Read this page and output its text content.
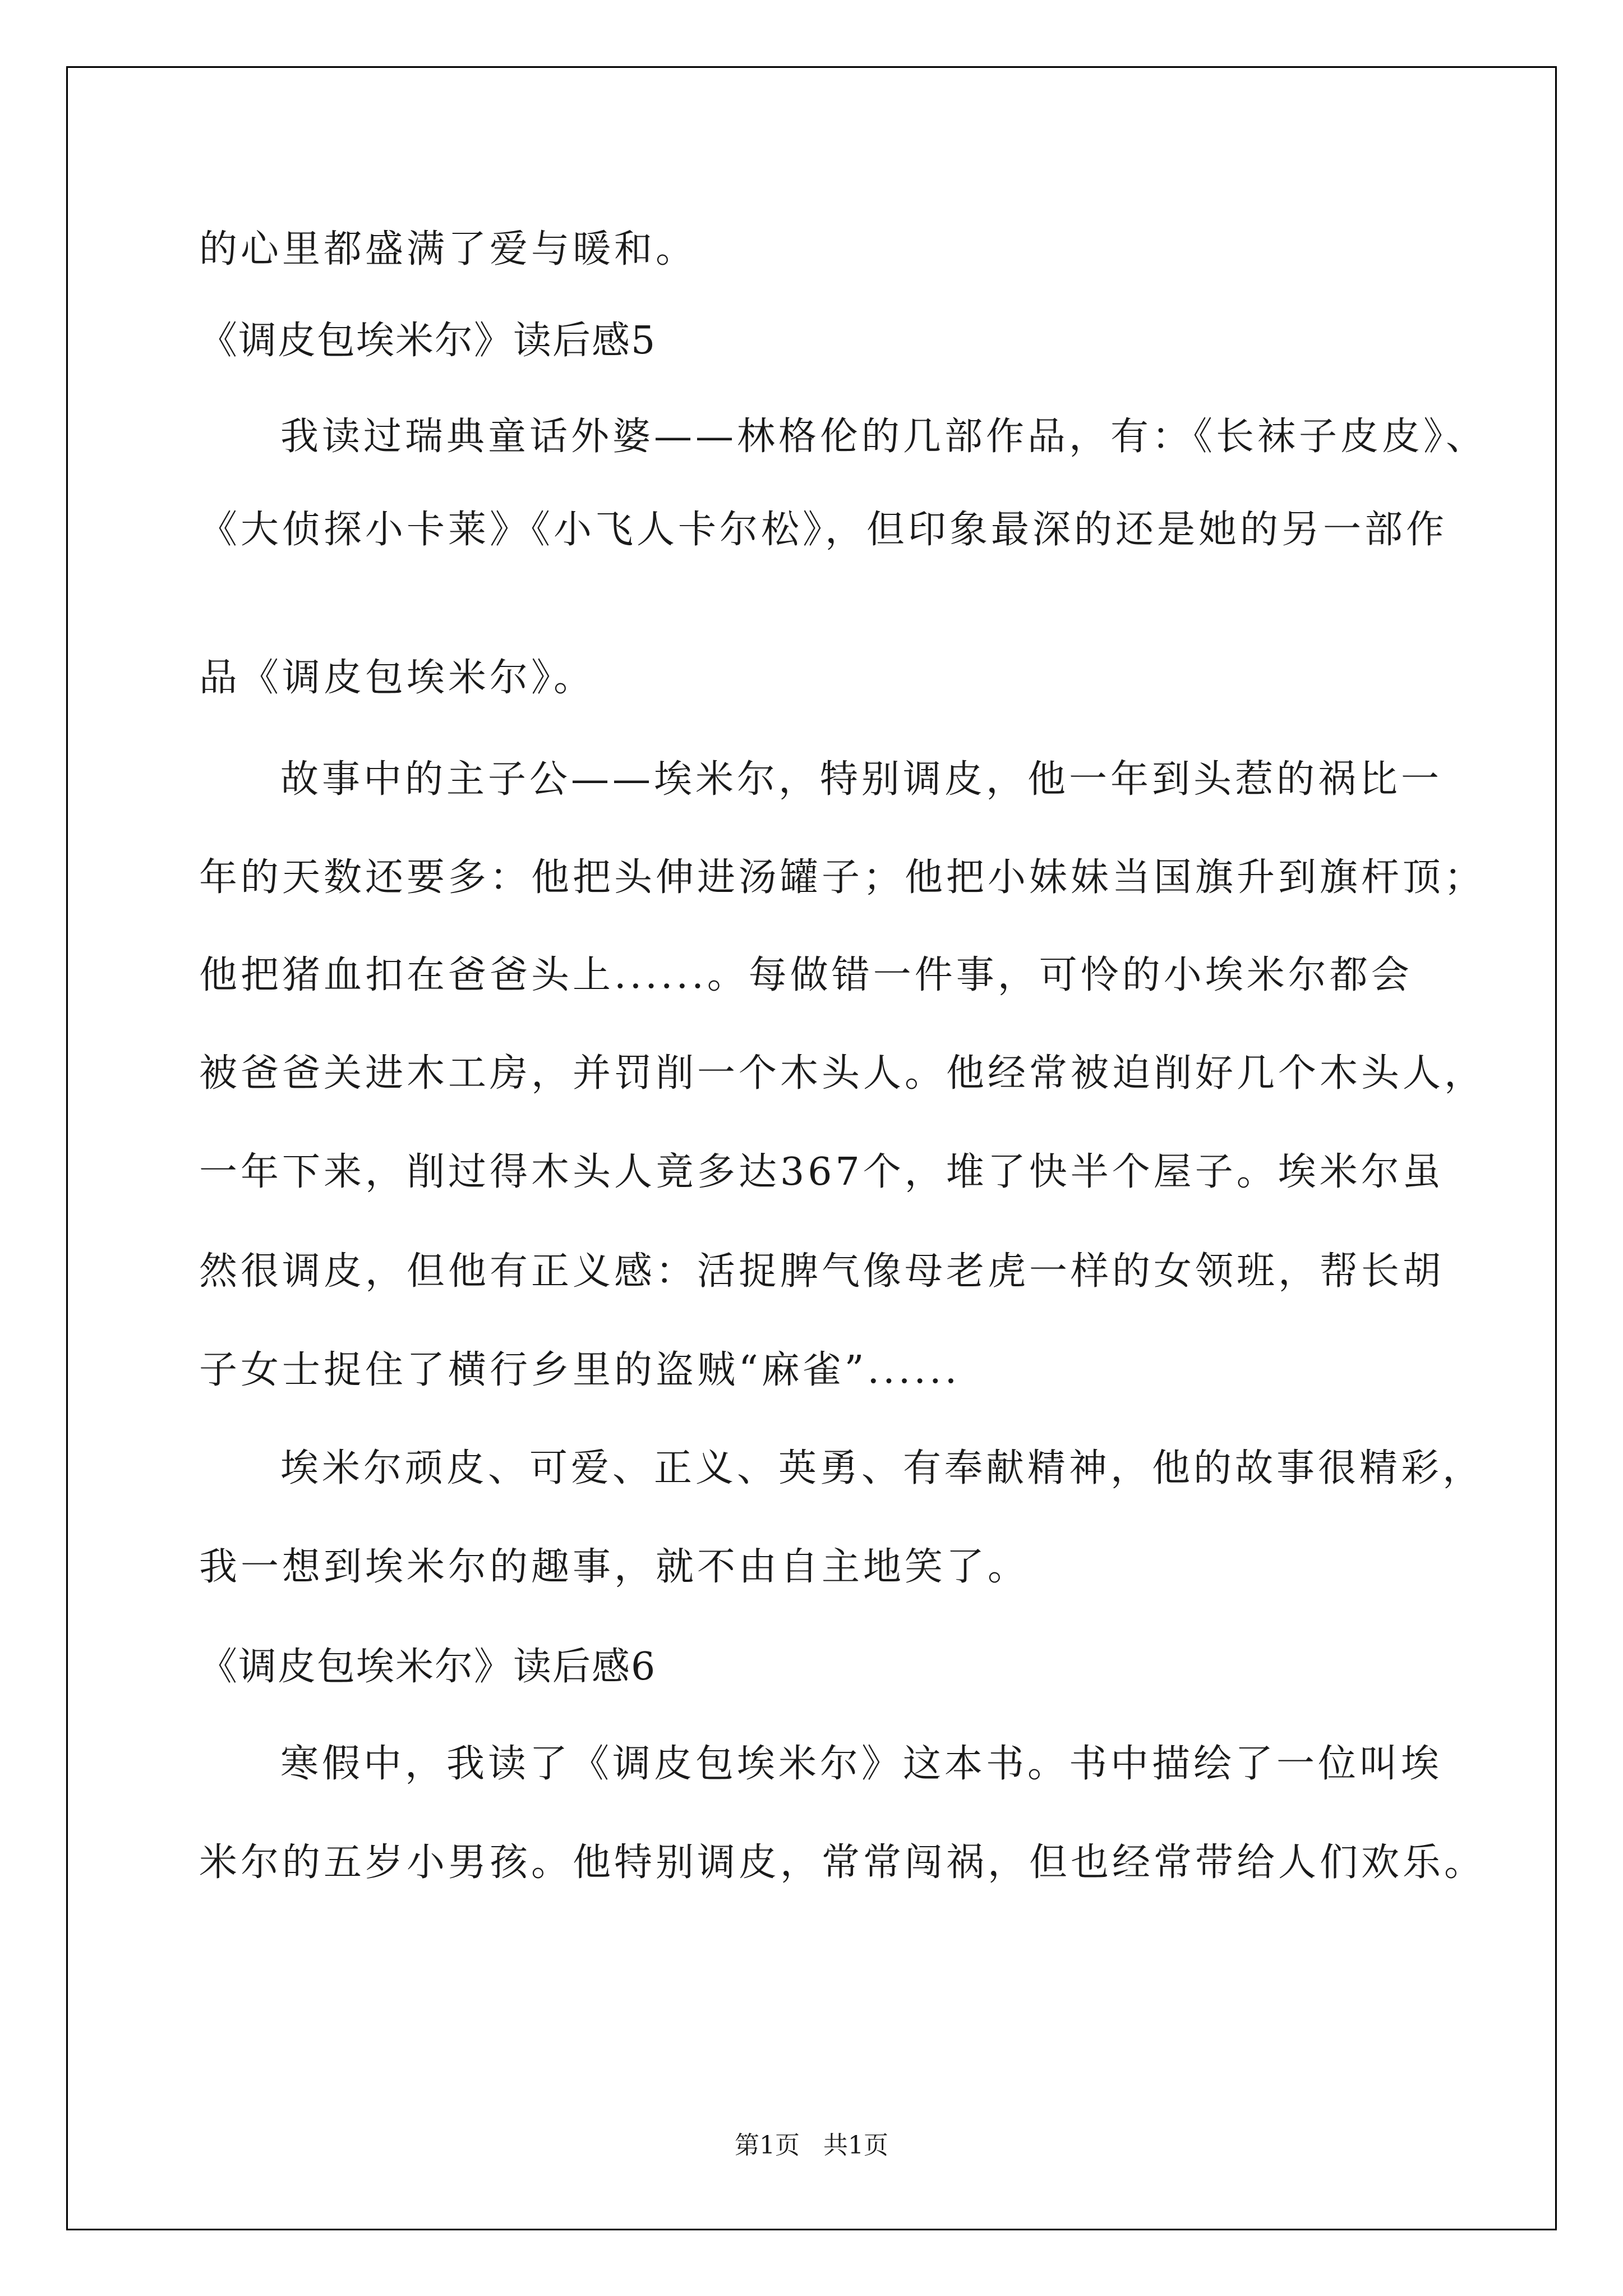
的心里都盛满了爱与暖和。
《调皮包埃米尔》读后感5
我读过瑞典童话外婆——林格伦的几部作品，有：《长袜子皮皮》、
《大侦探小卡莱》《小飞人卡尔松》，但印象最深的还是她的另一部作
品《调皮包埃米尔》。
故事中的主子公——埃米尔，特别调皮，他一年到头惹的祸比一
年的天数还要多：他把头伸进汤罐子；他把小妹妹当国旗升到旗杆顶；
他把猪血扣在爸爸头上......。每做错一件事，可怜的小埃米尔都会
被爸爸关进木工房，并罚削一个木头人。他经常被迫削好几个木头人，
一年下来，削过得木头人竟多达367个，堆了快半个屋子。埃米尔虽
然很调皮，但他有正义感：活捉脾气像母老虎一样的女领班，帮长胡
子女士捉住了横行乡里的盗贼“麻雀”......
埃米尔顽皮、可爱、正义、英勇、有奉献精神，他的故事很精彩，
我一想到埃米尔的趣事，就不由自主地笑了。
《调皮包埃米尔》读后感6
寒假中，我读了《调皮包埃米尔》这本书。书中描绘了一位叫埃
米尔的五岁小男孩。他特别调皮，常常闯祸，但也经常带给人们欢乐。
第1页   共1页
